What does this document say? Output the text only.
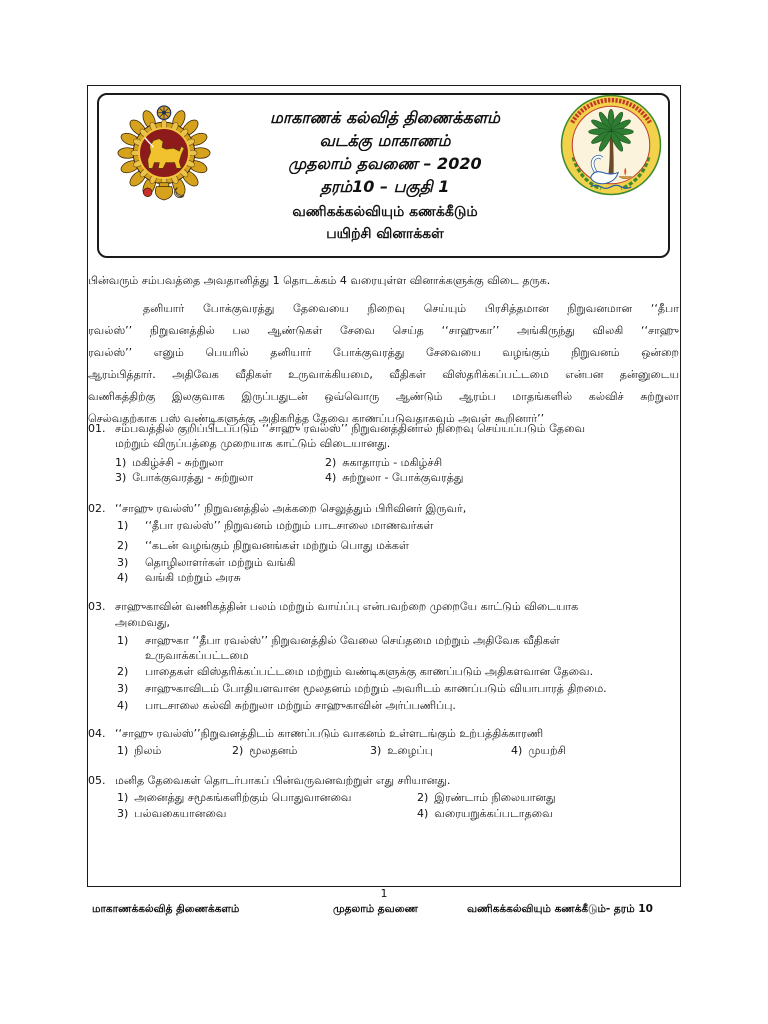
மாகாணக் கல்வித் திணைக்களம்
வடக்கு மாகாணம்
முதலாம் தவணை – 2020
தரம்10 – பகுதி 1
வணிகக்கல்வியும் கணக்கீடும்
பயிற்சி வினாக்கள்
பின்வரும் சம்பவத்தை அவதானித்து 1 தொடக்கம் 4 வரையுள்ள வினாக்களுக்கு விடை தருக.
தனியார் போக்குவரத்து தேவையை நிறைவு செய்யும் பிரசித்தமான நிறுவனமான ‘‘தீபா
ரவல்ஸ்’’ நிறுவனத்தில் பல ஆண்டுகள் சேவை செய்த ‘‘சாஹுகா’’ அங்கிருந்து விலகி ‘‘சாஹு
ரவல்ஸ்’’ எனும் பெயரில் தனியார் போக்குவரத்து சேவையை வழங்கும் நிறுவனம் ஒன்றை
ஆரம்பித்தார். அதிவேக வீதிகள் உருவாக்கியமை, வீதிகள் விஸ்தரிக்கப்பட்டமை என்பன தன்னுடைய
வணிகத்திற்கு இலகுவாக இருப்பதுடன் ஒவ்வொரு ஆண்டும் ஆரம்ப மாதங்களில் கல்விச் சுற்றுலா
செல்வதற்காக பஸ் வண்டிகளுக்கு அதிகரித்த தேவை காணப்படுவதாகவும் அவள் கூறினார்’’
01. சம்பவத்தில் குறிப்பிடப்படும் ‘‘சாஹு ரவல்ஸ்’’ நிறுவனத்தினால் நிறைவு செய்யப்படும் தேவை
மற்றும் விருப்பத்தை முறையாக காட்டும் விடையானது.
1) மகிழ்ச்சி - சுற்றுலா	2) சுகாதாரம் - மகிழ்ச்சி
3) போக்குவரத்து - சுற்றுலா	4) சுற்றுலா - போக்குவரத்து
02. ‘‘சாஹு ரவல்ஸ்’’ நிறுவனத்தில் அக்கறை செலுத்தும் பிரிவினர் இருவர்,
1)	‘‘தீபா ரவல்ஸ்’’ நிறுவனம் மற்றும் பாடசாலை மாணவர்கள்
2)	‘‘கடன் வழங்கும் நிறுவனங்கள் மற்றும் பொது மக்கள்
3)	தொழிலாளர்கள் மற்றும் வங்கி
4)	வங்கி மற்றும் அரசு
03. சாஹுகாவின் வணிகத்தின் பலம் மற்றும் வாய்ப்பு என்பவற்றை முறையே காட்டும் விடையாக
அமைவது,
1)	சாஹுகா ‘‘தீபா ரவல்ஸ்’’ நிறுவனத்தில் வேலை செய்தமை மற்றும் அதிவேக வீதிகள்
உருவாக்கப்பட்டமை
2)	பாதைகள் விஸ்தரிக்கப்பட்டமை மற்றும் வண்டிகளுக்கு காணப்படும் அதிகளவான தேவை.
3)	சாஹுகாவிடம் போதியளவான மூலதனம் மற்றும் அவரிடம் காணப்படும் வியாபாரத் திறமை.
4)	பாடசாலை கல்வி சுற்றுலா மற்றும் சாஹுகாவின் அர்ப்பணிப்பு.
04. ‘‘சாஹு ரவல்ஸ்’’நிறுவனத்திடம் காணப்படும் வாகனம் உள்ளடங்கும் உற்பத்திக்காரணி
1) நிலம்	2) மூலதனம்	3) உழைப்பு	4) முயற்சி
05. மனித தேவைகள் தொடர்பாகப் பின்வருவனவற்றுள் எது சரியானது.
1) அனைத்து சமூகங்களிற்கும் பொதுவானவை	2) இரண்டாம் நிலையானது
3) பல்வகையானவை	4) வரையறுக்கப்படாதவை
1
மாகாணக்கல்வித் திணைக்களம்	முதலாம் தவணை	வணிகக்கல்வியும் கணக்கீடும்- தரம் 10
